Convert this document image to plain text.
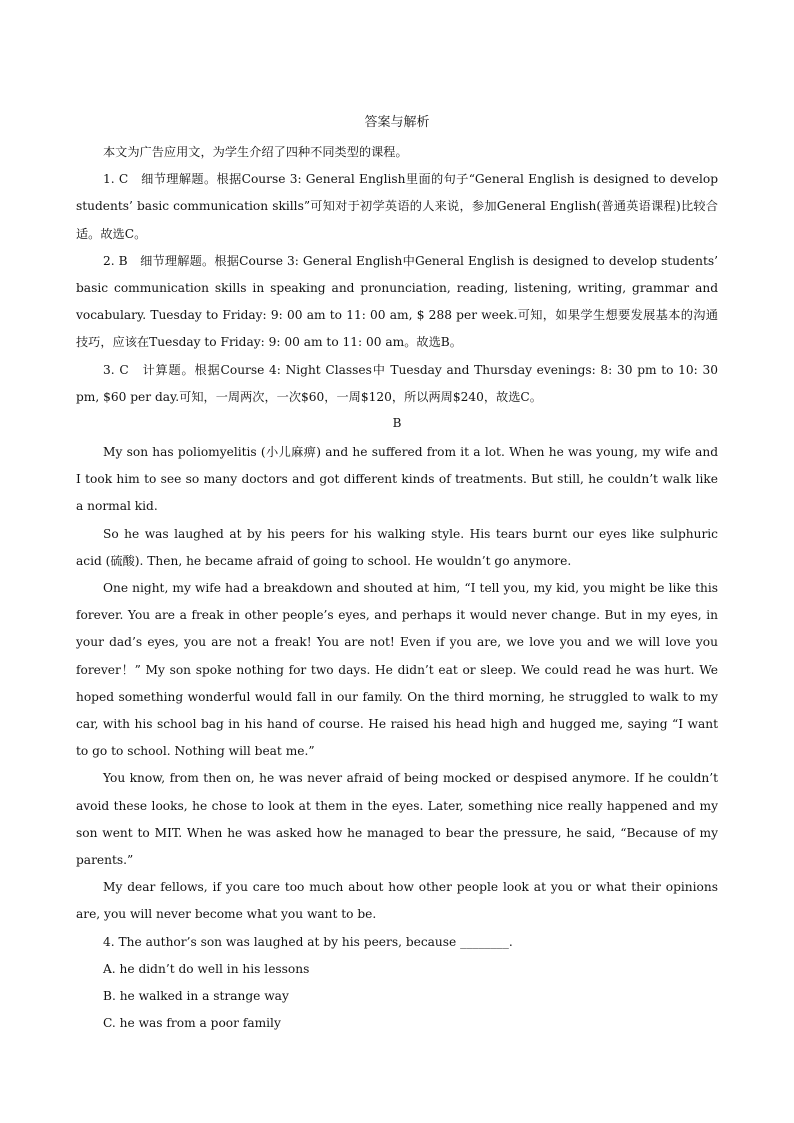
答案与解析

本文为广告应用文，为学生介绍了四种不同类型的课程。

1. C　细节理解题。根据Course 3: General English里面的句子“General English is designed to develop students’ basic communication skills”可知对于初学英语的人来说，参加General English(普通英语课程)比较合适。故选C。

2. B　细节理解题。根据Course 3: General English中General English is designed to develop students’ basic communication skills in speaking and pronunciation, reading, listening, writing, grammar and vocabulary. Tuesday to Friday: 9: 00 am to 11: 00 am, $ 288 per week.可知，如果学生想要发展基本的沟通技巧，应该在Tuesday to Friday: 9: 00 am to 11: 00 am。故选B。

3. C　计算题。根据Course 4: Night Classes中 Tuesday and Thursday evenings: 8: 30 pm to 10: 30 pm, $60 per day.可知，一周两次，一次$60，一周$120，所以两周$240，故选C。

B

My son has poliomyelitis (小儿麻痹) and he suffered from it a lot. When he was young, my wife and I took him to see so many doctors and got different kinds of treatments. But still, he couldn’t walk like a normal kid.

So he was laughed at by his peers for his walking style. His tears burnt our eyes like sulphuric acid (硫酸). Then, he became afraid of going to school. He wouldn’t go anymore.

One night, my wife had a breakdown and shouted at him, “I tell you, my kid, you might be like this forever. You are a freak in other people’s eyes, and perhaps it would never change. But in my eyes, in your dad’s eyes, you are not a freak! You are not! Even if you are, we love you and we will love you forever！” My son spoke nothing for two days. He didn’t eat or sleep. We could read he was hurt. We hoped something wonderful would fall in our family. On the third morning, he struggled to walk to my car, with his school bag in his hand of course. He raised his head high and hugged me, saying “I want to go to school. Nothing will beat me.”

You know, from then on, he was never afraid of being mocked or despised anymore. If he couldn’t avoid these looks, he chose to look at them in the eyes. Later, something nice really happened and my son went to MIT. When he was asked how he managed to bear the pressure, he said, “Because of my parents.”

My dear fellows, if you care too much about how other people look at you or what their opinions are, you will never become what you want to be.

4. The author’s son was laughed at by his peers, because ________.

A. he didn’t do well in his lessons

B. he walked in a strange way

C. he was from a poor family
